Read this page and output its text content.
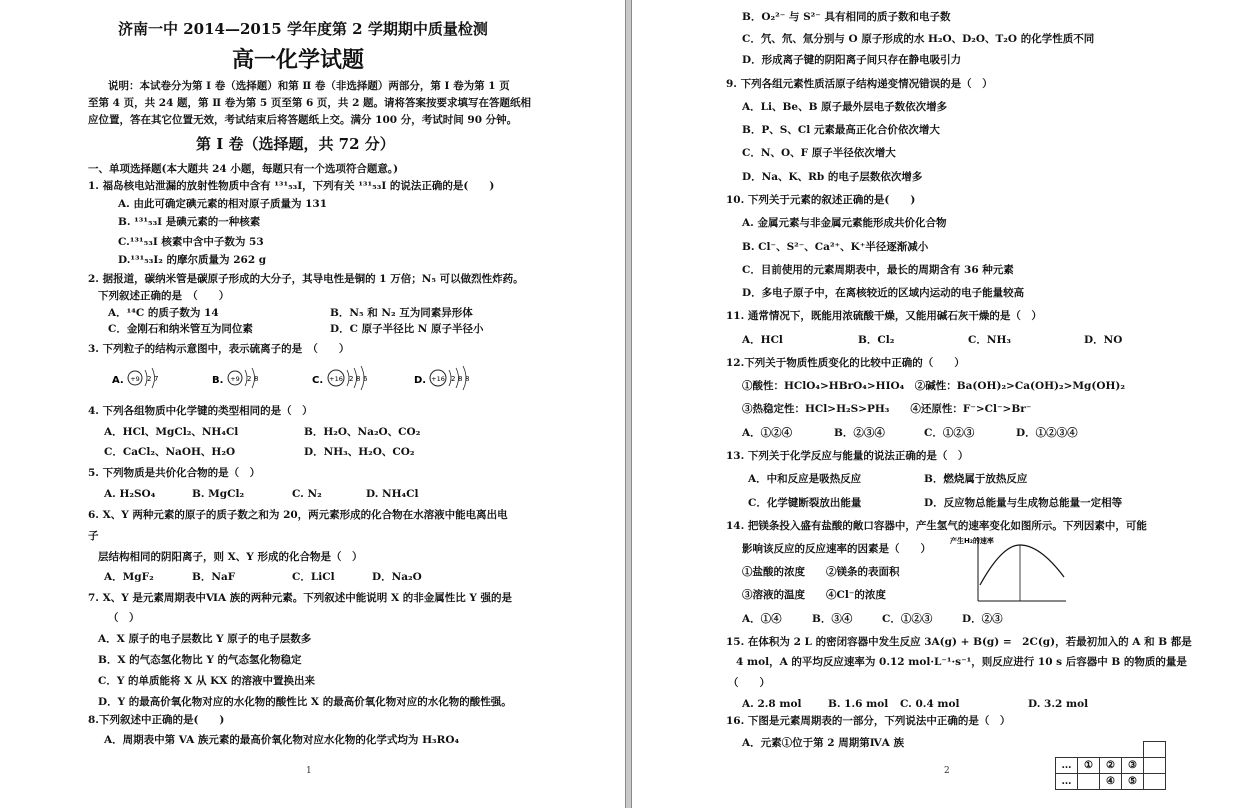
济南一中 2014—2015 学年度第 2 学期期中质量检测
高一化学试题
说明：本试卷分为第 Ⅰ 卷（选择题）和第 Ⅱ 卷（非选择题）两部分，第 Ⅰ 卷为第 1 页
至第 4 页，共 24 题，第 Ⅱ 卷为第 5 页至第 6 页，共 2 题。请将答案按要求填写在答题纸相
应位置，答在其它位置无效，考试结束后将答题纸上交。满分 100 分，考试时间 90 分钟。
第 Ⅰ 卷（选择题，共 72 分）
一、单项选择题(本大题共 24 小题，每题只有一个选项符合题意。)
1. 福岛核电站泄漏的放射性物质中含有 ¹³¹₅₃I，下列有关 ¹³¹₅₃I 的说法正确的是(　　)
A. 由此可确定碘元素的相对原子质量为 131
B. ¹³¹₅₃I 是碘元素的一种核素
C.¹³¹₅₃I 核素中含中子数为 53
D.¹³¹₅₃I₂ 的摩尔质量为 262 g
2. 据报道，碳纳米管是碳原子形成的大分子，其导电性是铜的 1 万倍；N₅ 可以做烈性炸药。
下列叙述正确的是　（　　）
A．¹⁴C 的质子数为 14	B．N₅ 和 N₂ 互为同素异形体
C．金刚石和纳米管互为同位素	D．C 原子半径比 N 原子半径小
3. 下列粒子的结构示意图中，表示硫离子的是　（　　）
A. +9 2 7	B. +9 2 8	C. +16 2 8 6	D. +16 2 8 8
4. 下列各组物质中化学键的类型相同的是（　）
A．HCl、MgCl₂、NH₄Cl	B．H₂O、Na₂O、CO₂
C．CaCl₂、NaOH、H₂O	D．NH₃、H₂O、CO₂
5. 下列物质是共价化合物的是（　）
A. H₂SO₄	B. MgCl₂	C. N₂	D. NH₄Cl
6. X、Y 两种元素的原子的质子数之和为 20，两元素形成的化合物在水溶液中能电离出电
子
层结构相同的阴阳离子，则 X、Y 形成的化合物是（　）
A．MgF₂	B．NaF	C．LiCl	D．Na₂O
7. X、Y 是元素周期表中ⅥA 族的两种元素。下列叙述中能说明 X 的非金属性比 Y 强的是
（　）
A．X 原子的电子层数比 Y 原子的电子层数多
B．X 的气态氢化物比 Y 的气态氢化物稳定
C．Y 的单质能将 X 从 KX 的溶液中置换出来
D．Y 的最高价氧化物对应的水化物的酸性比 X 的最高价氧化物对应的水化物的酸性强。
8.下列叙述中正确的是(　　)
A．周期表中第 VA 族元素的最高价氧化物对应水化物的化学式均为 H₃RO₄
1
B．O₂²⁻ 与 S²⁻ 具有相同的质子数和电子数
C．氕、氘、氚分别与 O 原子形成的水 H₂O、D₂O、T₂O 的化学性质不同
D．形成离子键的阴阳离子间只存在静电吸引力
9. 下列各组元素性质活原子结构递变情况错误的是（　）
A．Li、Be、B 原子最外层电子数依次增多
B．P、S、Cl 元素最高正化合价依次增大
C．N、O、F 原子半径依次增大
D．Na、K、Rb 的电子层数依次增多
10. 下列关于元素的叙述正确的是(　　)
A. 金属元素与非金属元素能形成共价化合物
B. Cl⁻、S²⁻、Ca²⁺、K⁺半径逐渐减小
C．目前使用的元素周期表中，最长的周期含有 36 种元素
D．多电子原子中，在离核较近的区域内运动的电子能量较高
11. 通常情况下，既能用浓硫酸干燥，又能用碱石灰干燥的是（　）
A．HCl	B．Cl₂	C．NH₃	D．NO
12.下列关于物质性质变化的比较中正确的（　　）
①酸性：HClO₄>HBrO₄>HIO₄　②碱性：Ba(OH)₂>Ca(OH)₂>Mg(OH)₂
③热稳定性：HCl>H₂S>PH₃　　④还原性：F⁻>Cl⁻>Br⁻
A．①②④	B．②③④	C．①②③	D．①②③④
13. 下列关于化学反应与能量的说法正确的是（　）
A．中和反应是吸热反应	B．燃烧属于放热反应
C．化学键断裂放出能量	D．反应物总能量与生成物总能量一定相等
14. 把镁条投入盛有盐酸的敞口容器中，产生氢气的速率变化如图所示。下列因素中，可能
影响该反应的反应速率的因素是（　　）
①盐酸的浓度　　②镁条的表面积
③溶液的温度　　④Cl⁻的浓度
A．①④	B．③④	C．①②③	D．②③
15. 在体积为 2 L 的密闭容器中发生反应 3A(g) + B(g) =　2C(g)，若最初加入的 A 和 B 都是
4 mol，A 的平均反应速率为 0.12 mol·L⁻¹·s⁻¹，则反应进行 10 s 后容器中 B 的物质的量是
（　　）
A. 2.8 mol	B. 1.6 mol C. 0.4 mol	D. 3.2 mol
16. 下图是元素周期表的一部分，下列说法中正确的是（　）
A．元素①位于第 2 周期第ⅣA 族
产生H₂的速率

	…	①	②	③	
	…		④	⑤	
2
